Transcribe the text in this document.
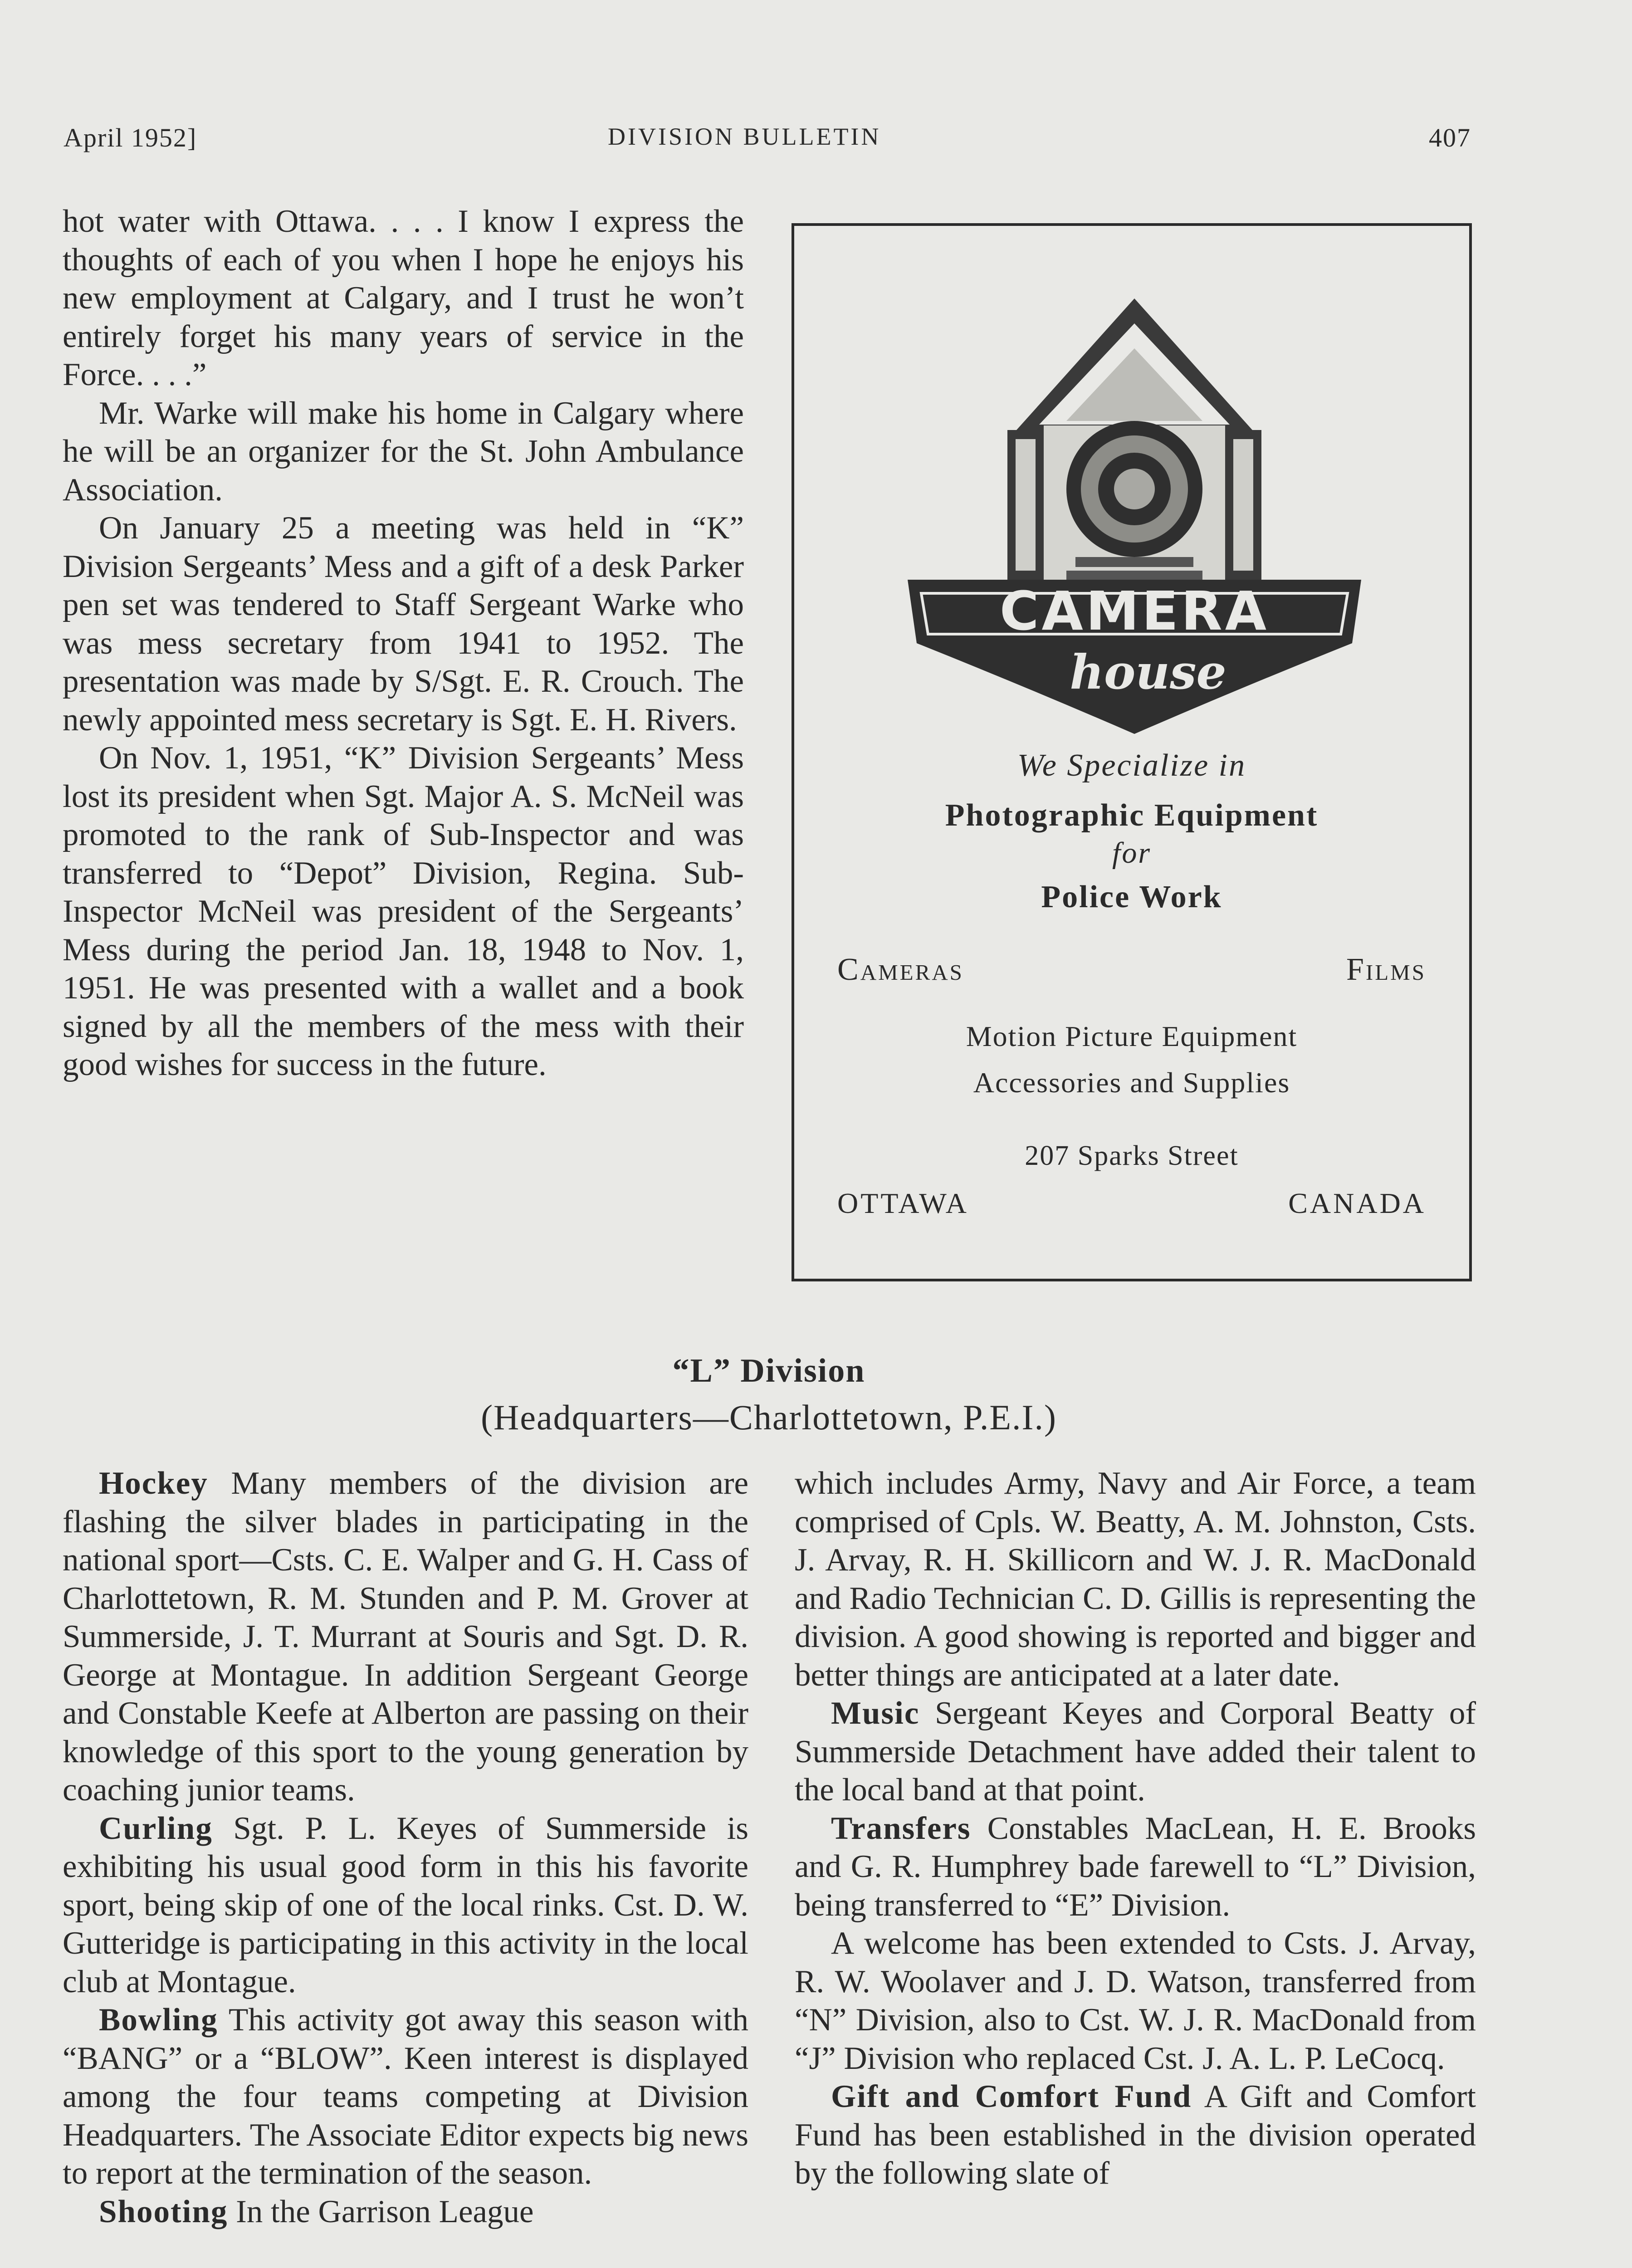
April 1952]	DIVISION BULLETIN	407

hot water with Ottawa. . . . I know I express the thoughts of each of you when I hope he enjoys his new employment at Calgary, and I trust he won’t entirely forget his many years of service in the Force. . . .”

Mr. Warke will make his home in Calgary where he will be an organizer for the St. John Ambulance Association.

On January 25 a meeting was held in “K” Division Sergeants’ Mess and a gift of a desk Parker pen set was tendered to Staff Sergeant Warke who was mess secretary from 1941 to 1952. The presentation was made by S/Sgt. E. R. Crouch. The newly appointed mess secretary is Sgt. E. H. Rivers.

On Nov. 1, 1951, “K” Division Sergeants’ Mess lost its president when Sgt. Major A. S. McNeil was promoted to the rank of Sub-Inspector and was transferred to “Depot” Division, Regina. Sub-Inspector McNeil was president of the Sergeants’ Mess during the period Jan. 18, 1948 to Nov. 1, 1951. He was presented with a wallet and a book signed by all the members of the mess with their good wishes for success in the future.

CAMERA
house
LTD.
We Specialize in
Photographic Equipment
for
Police Work
Cameras	Films
Motion Picture Equipment
Accessories and Supplies
207 Sparks Street
OTTAWA	CANADA
“L” Division
(Headquarters—Charlottetown, P.E.I.)

Hockey Many members of the division are flashing the silver blades in participating in the national sport—Csts. C. E. Walper and G. H. Cass of Charlottetown, R. M. Stunden and P. M. Grover at Summerside, J. T. Murrant at Souris and Sgt. D. R. George at Montague. In addition Sergeant George and Constable Keefe at Alberton are passing on their knowledge of this sport to the young generation by coaching junior teams.

Curling Sgt. P. L. Keyes of Summerside is exhibiting his usual good form in this his favorite sport, being skip of one of the local rinks. Cst. D. W. Gutteridge is participating in this activity in the local club at Montague.

Bowling This activity got away this season with “BANG” or a “BLOW”. Keen interest is displayed among the four teams competing at Division Headquarters. The Associate Editor expects big news to report at the termination of the season.

Shooting In the Garrison League

which includes Army, Navy and Air Force, a team comprised of Cpls. W. Beatty, A. M. Johnston, Csts. J. Arvay, R. H. Skillicorn and W. J. R. MacDonald and Radio Technician C. D. Gillis is representing the division. A good showing is reported and bigger and better things are anticipated at a later date.

Music Sergeant Keyes and Corporal Beatty of Summerside Detachment have added their talent to the local band at that point.

Transfers Constables MacLean, H. E. Brooks and G. R. Humphrey bade farewell to “L” Division, being transferred to “E” Division.

A welcome has been extended to Csts. J. Arvay, R. W. Woolaver and J. D. Watson, transferred from “N” Division, also to Cst. W. J. R. MacDonald from “J” Division who replaced Cst. J. A. L. P. LeCocq.

Gift and Comfort Fund A Gift and Comfort Fund has been established in the division operated by the following slate of
